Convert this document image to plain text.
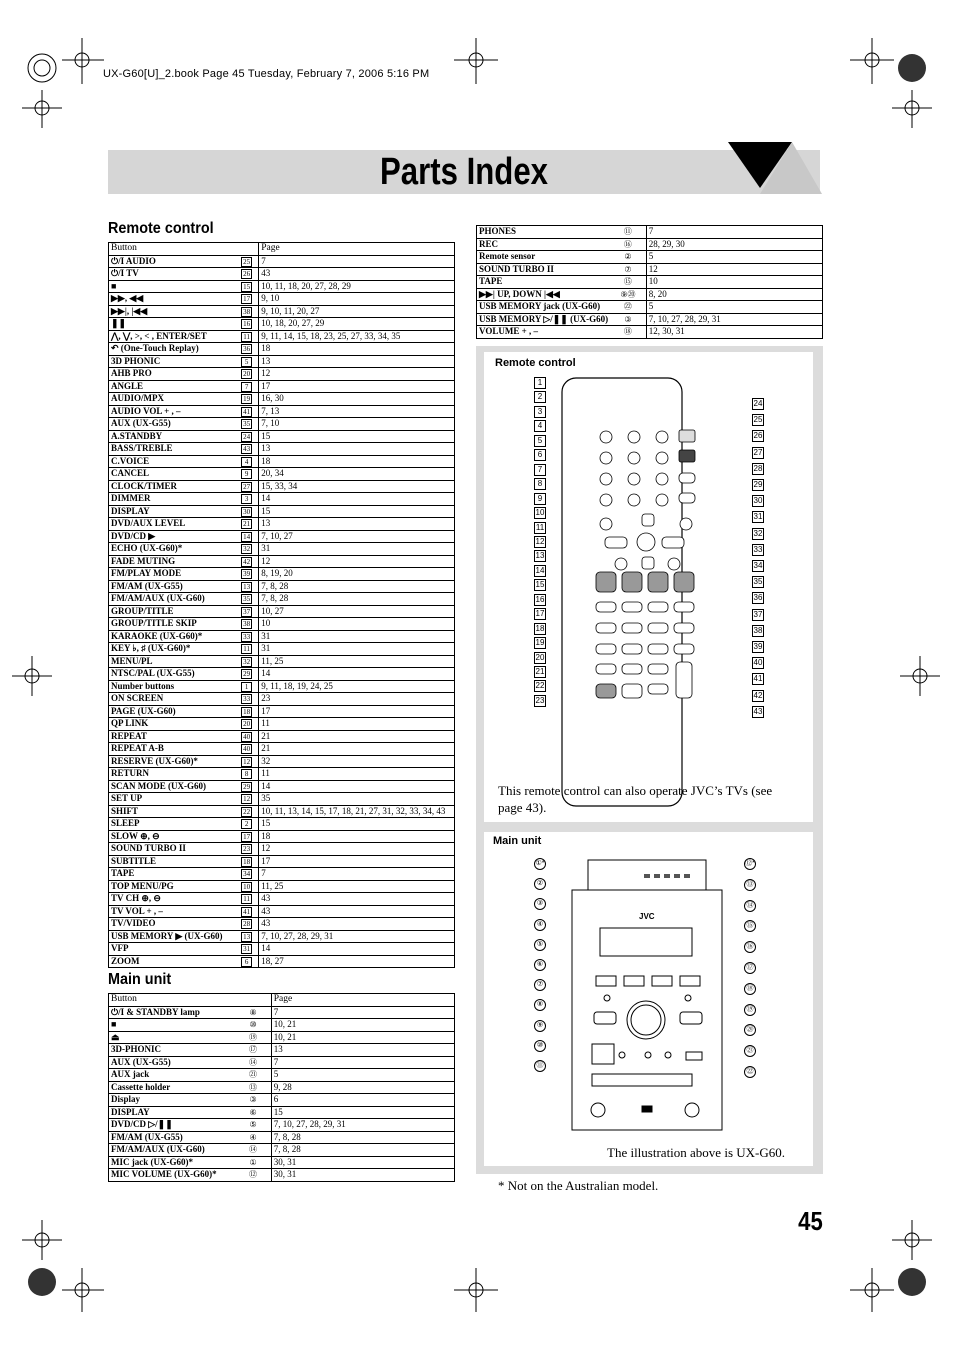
UX-G60[U]_2.book Page 45 Tuesday, February 7, 2006 5:16 PM
Parts Index
Remote control
Button		Page
⏻/I AUDIO	25	7
⏻/I TV	26	43
■	15	10, 11, 18, 20, 27, 28, 29
▶▶, ◀◀	17	9, 10
▶▶|, |◀◀	38	9, 10, 11, 20, 27
❚❚	16	10, 18, 20, 27, 29
⋀, ⋁, >, < , ENTER/SET	11	9, 11, 14, 15, 18, 23, 25, 27, 33, 34, 35
↶ (One-Touch Replay)	36	18
3D PHONIC	5	13
AHB PRO	20	12
ANGLE	7	17
AUDIO/MPX	19	16, 30
AUDIO VOL + , –	41	7, 13
AUX (UX-G55)	35	7, 10
A.STANDBY	24	15
BASS/TREBLE	43	13
C.VOICE	4	18
CANCEL	9	20, 34
CLOCK/TIMER	27	15, 33, 34
DIMMER	3	14
DISPLAY	30	15
DVD/AUX LEVEL	21	13
DVD/CD ▶	14	7, 10, 27
ECHO (UX-G60)*	32	31
FADE MUTING	42	12
FM/PLAY MODE	39	8, 19, 20
FM/AM (UX-G55)	13	7, 8, 28
FM/AM/AUX (UX-G60)	35	7, 8, 28
GROUP/TITLE	37	10, 27
GROUP/TITLE SKIP	38	10
KARAOKE (UX-G60)*	33	31
KEY ♭, ♯ (UX-G60)*	11	31
MENU/PL	32	11, 25
NTSC/PAL (UX-G55)	29	14
Number buttons	1	9, 11, 18, 19, 24, 25
ON SCREEN	33	23
PAGE (UX-G60)	18	17
QP LINK	20	11
REPEAT	40	21
REPEAT A-B	40	21
RESERVE (UX-G60)*	12	32
RETURN	8	11
SCAN MODE (UX-G60)	29	14
SET UP	12	35
SHIFT	22	10, 11, 13, 14, 15, 17, 18, 21, 27, 31, 32, 33, 34, 43
SLEEP	2	15
SLOW ⊕, ⊖	17	18
SOUND TURBO II	23	12
SUBTITLE	18	17
TAPE	34	7
TOP MENU/PG	10	11, 25
TV CH ⊕, ⊖	11	43
TV VOL + , –	41	43
TV/VIDEO	28	43
USB MEMORY ▶ (UX-G60)	13	7, 10, 27, 28, 29, 31
VFP	31	14
ZOOM	6	18, 27
Main unit
Button		Page
⏻/I & STANDBY lamp	⑧	7
■	⑩	10, 21
⏏	⑲	10, 21
3D-PHONIC	⑰	13
AUX (UX-G55)	⑭	7
AUX jack	㉑	5
Cassette holder	⑬	9, 28
Display	③	6
DISPLAY	⑥	15
DVD/CD ▷/❚❚	⑤	7, 10, 27, 28, 29, 31
FM/AM (UX-G55)	④	7, 8, 28
FM/AM/AUX (UX-G60)	⑭	7, 8, 28
MIC jack (UX-G60)*	①	30, 31
MIC VOLUME (UX-G60)*	⑫	30, 31
PHONES	⑪	7
REC	⑯	28, 29, 30
Remote sensor	②	5
SOUND TURBO II	⑦	12
TAPE	⑮	10
▶▶| UP, DOWN |◀◀	⑨⑳	8, 20
USB MEMORY jack (UX-G60)	㉒	5
USB MEMORY ▷/❚❚ (UX-G60)	③	7, 10, 27, 28, 29, 31
VOLUME + , –	⑱	12, 30, 31
Remote control
1
2
3
4
5
6
7
8
9
10
11
12
13
14
15
16
17
18
19
20
21
22
23
24
25
26
27
28
29
30
31
32
33
34
35
36
37
38
39
40
41
42
43
This remote control can also operate JVC’s TVs (see page 43).
Main unit
JVC
①*
②
③
④
⑤
⑥
⑦
⑧
⑨
⑩
⑪
⑫*
⑬
⑭
⑮
⑯
⑰
⑱
⑲
⑳
㉑
㉒
The illustration above is UX-G60.
* Not on the Australian model.
45
